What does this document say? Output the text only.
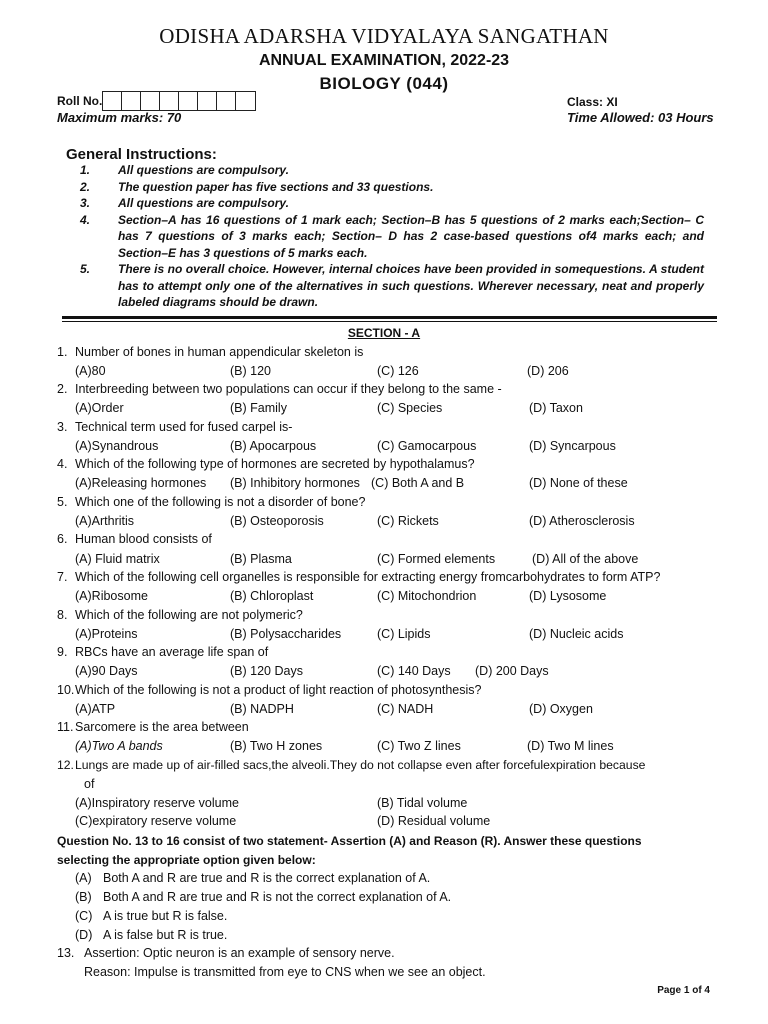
ODISHA ADARSHA VIDYALAYA SANGATHAN
ANNUAL EXAMINATION, 2022-23
BIOLOGY (044)
Roll No.	Class: XI
Maximum marks: 70	Time Allowed: 03 Hours
General Instructions:
1.	All questions are compulsory.
2.	The question paper has five sections and 33 questions.
3.	All questions are compulsory.
4.	Section–A has 16 questions of 1 mark each; Section–B has 5 questions of 2 marks each;Section– C has 7 questions of 3 marks each; Section– D has 2 case-based questions of4 marks each; and Section–E has 3 questions of 5 marks each.
5.	There is no overall choice. However, internal choices have been provided in somequestions. A student has to attempt only one of the alternatives in such questions. Wherever necessary, neat and properly labeled diagrams should be drawn.
SECTION - A
1. Number of bones in human appendicular skeleton is
(A)80	(B) 120	(C) 126	(D) 206
2. Interbreeding between two populations can occur if they belong to the same -
(A)Order	(B) Family	(C) Species	(D) Taxon
3. Technical term used for fused carpel is-
(A)Synandrous	(B) Apocarpous	(C) Gamocarpous	(D) Syncarpous
4. Which of the following type of hormones are secreted by hypothalamus?
(A)Releasing hormones (B) Inhibitory hormones (C) Both A and B	(D) None of these
5. Which one of the following is not a disorder of bone?
(A)Arthritis	(B) Osteoporosis	(C) Rickets	(D) Atherosclerosis
6. Human blood consists of
(A) Fluid matrix	(B) Plasma	(C) Formed elements	(D) All of the above
7. Which of the following cell organelles is responsible for extracting energy fromcarbohydrates to form ATP?
(A)Ribosome	(B) Chloroplast	(C) Mitochondrion	(D) Lysosome
8. Which of the following are not polymeric?
(A)Proteins	(B) Polysaccharides	(C) Lipids	(D) Nucleic acids
9. RBCs have an average life span of
(A)90 Days	(B) 120 Days	(C) 140 Days (D) 200 Days
10.Which of the following is not a product of light reaction of photosynthesis?
(A)ATP	(B) NADPH	(C) NADH	(D) Oxygen
11. Sarcomere is the area between
(A)Two A bands	(B) Two H zones	(C) Two Z lines	(D) Two M lines
12.Lungs are made up of air-filled sacs,the alveoli.They do not collapse even after forcefulexpiration because
of
(A)Inspiratory reserve volume	(B) Tidal volume
(C)expiratory reserve volume	(D) Residual volume
Question No. 13 to 16 consist of two statement- Assertion (A) and Reason (R). Answer these questions
selecting the appropriate option given below:
(A) Both A and R are true and R is the correct explanation of A.
(B) Both A and R are true and R is not the correct explanation of A.
(C) A is true but R is false.
(D) A is false but R is true.
13. Assertion: Optic neuron is an example of sensory nerve.
Reason: Impulse is transmitted from eye to CNS when we see an object.
Page 1 of 4
